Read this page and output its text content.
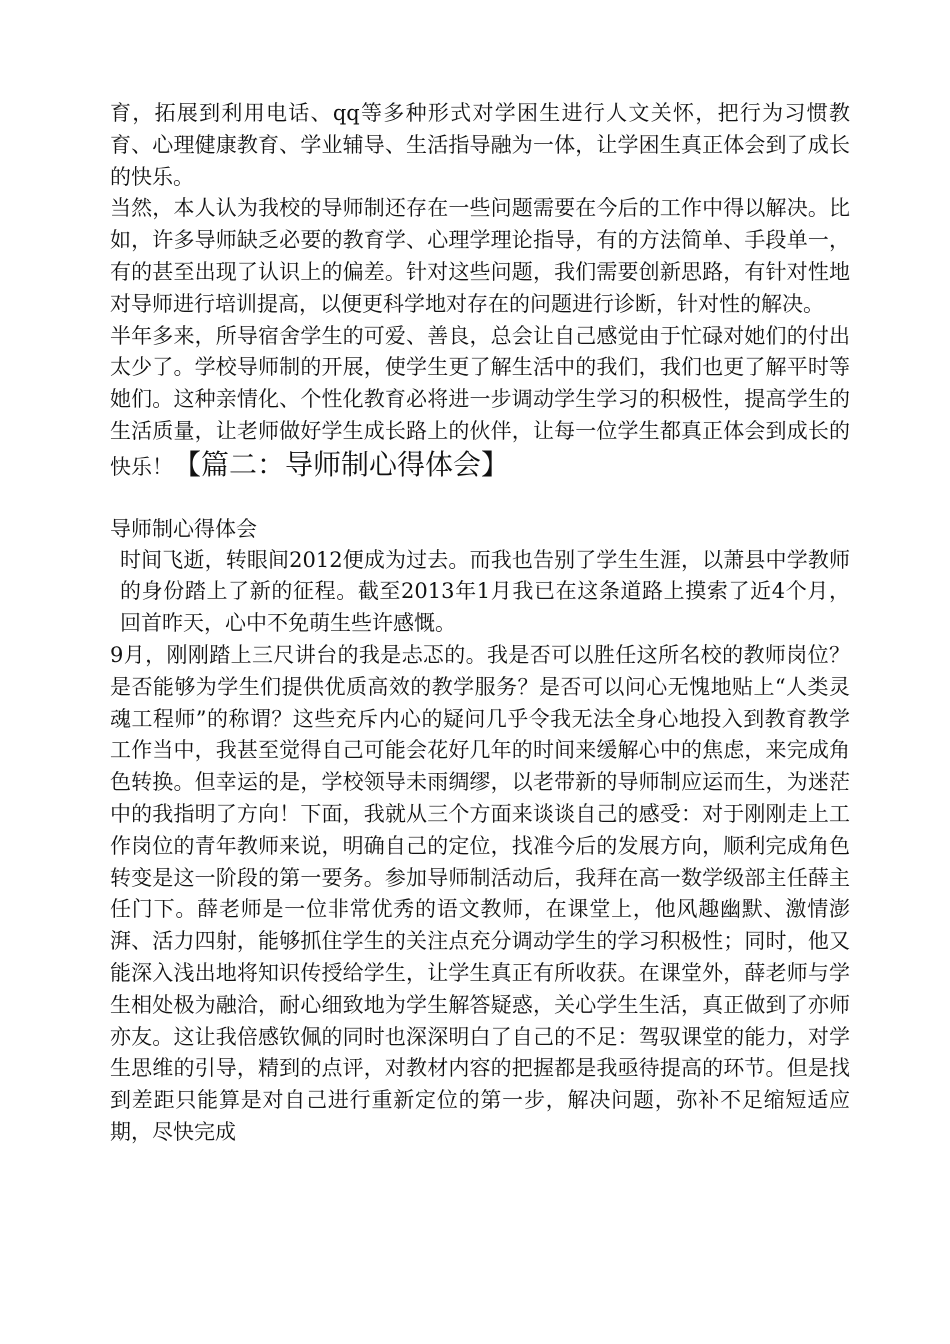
育，拓展到利用电话、qq等多种形式对学困生进行人文关怀，把行为习惯教育、心理健康教育、学业辅导、生活指导融为一体，让学困生真正体会到了成长的快乐。

当然，本人认为我校的导师制还存在一些问题需要在今后的工作中得以解决。比如，许多导师缺乏必要的教育学、心理学理论指导，有的方法简单、手段单一，有的甚至出现了认识上的偏差。针对这些问题，我们需要创新思路，有针对性地对导师进行培训提高，以便更科学地对存在的问题进行诊断，针对性的解决。

半年多来，所导宿舍学生的可爱、善良，总会让自己感觉由于忙碌对她们的付出太少了。学校导师制的开展，使学生更了解生活中的我们，我们也更了解平时等她们。这种亲情化、个性化教育必将进一步调动学生学习的积极性，提高学生的生活质量，让老师做好学生成长路上的伙伴，让每一位学生都真正体会到成长的快乐！【篇二：导师制心得体会】

导师制心得体会

时间飞逝，转眼间2012便成为过去。而我也告别了学生生涯，以萧县中学教师的身份踏上了新的征程。截至2013年1月我已在这条道路上摸索了近4个月，回首昨天，心中不免萌生些许感慨。

9月，刚刚踏上三尺讲台的我是忐忑的。我是否可以胜任这所名校的教师岗位？是否能够为学生们提供优质高效的教学服务？是否可以问心无愧地贴上“人类灵魂工程师”的称谓？这些充斥内心的疑问几乎令我无法全身心地投入到教育教学工作当中，我甚至觉得自己可能会花好几年的时间来缓解心中的焦虑，来完成角色转换。但幸运的是，学校领导未雨绸缪，以老带新的导师制应运而生，为迷茫中的我指明了方向！下面，我就从三个方面来谈谈自己的感受：对于刚刚走上工作岗位的青年教师来说，明确自己的定位，找准今后的发展方向，顺利完成角色转变是这一阶段的第一要务。参加导师制活动后，我拜在高一数学级部主任薛主任门下。薛老师是一位非常优秀的语文教师，在课堂上，他风趣幽默、激情澎湃、活力四射，能够抓住学生的关注点充分调动学生的学习积极性；同时，他又能深入浅出地将知识传授给学生，让学生真正有所收获。在课堂外，薛老师与学生相处极为融洽，耐心细致地为学生解答疑惑，关心学生生活，真正做到了亦师亦友。这让我倍感钦佩的同时也深深明白了自己的不足：驾驭课堂的能力，对学生思维的引导，精到的点评，对教材内容的把握都是我亟待提高的环节。但是找到差距只能算是对自己进行重新定位的第一步，解决问题，弥补不足缩短适应期，尽快完成
